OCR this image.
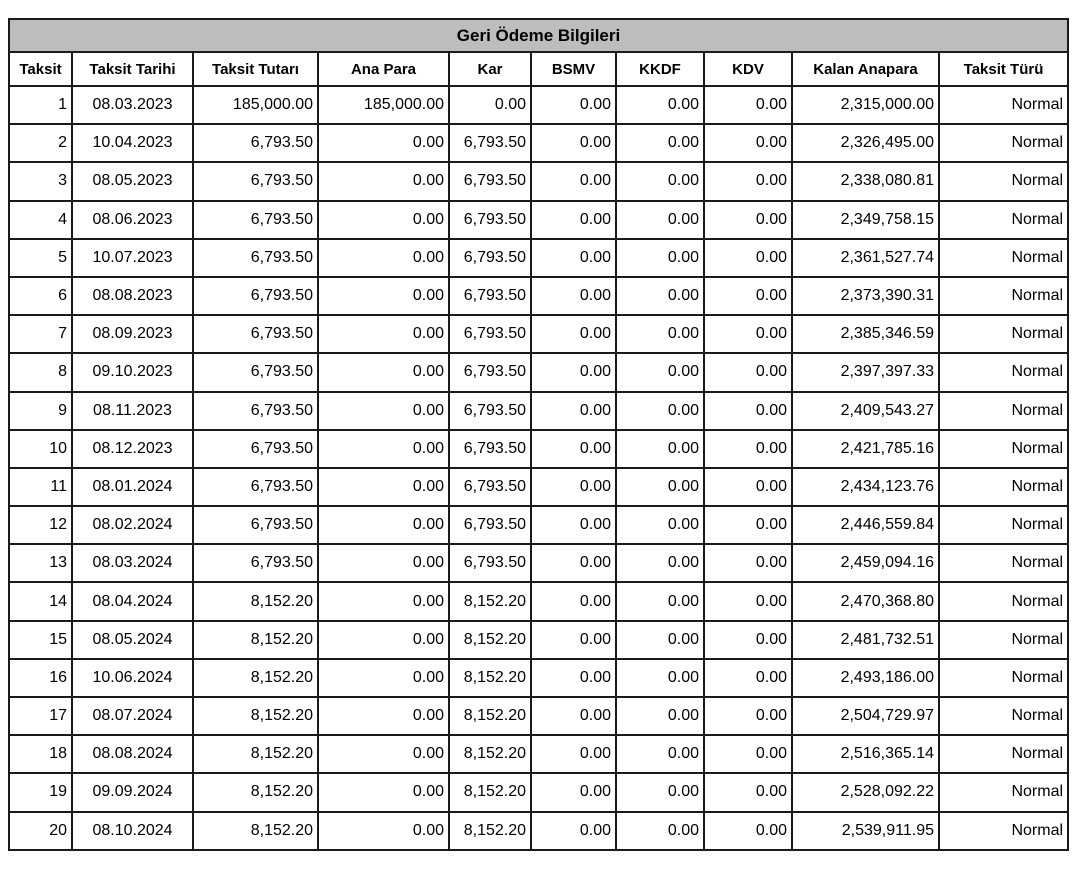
Geri Ödeme Bilgileri									
Taksit	Taksit Tarihi	Taksit Tutarı	Ana Para	Kar	BSMV	KKDF	KDV	Kalan Anapara	Taksit Türü
1	08.03.2023	185,000.00	185,000.00	0.00	0.00	0.00	0.00	2,315,000.00	Normal
2	10.04.2023	6,793.50	0.00	6,793.50	0.00	0.00	0.00	2,326,495.00	Normal
3	08.05.2023	6,793.50	0.00	6,793.50	0.00	0.00	0.00	2,338,080.81	Normal
4	08.06.2023	6,793.50	0.00	6,793.50	0.00	0.00	0.00	2,349,758.15	Normal
5	10.07.2023	6,793.50	0.00	6,793.50	0.00	0.00	0.00	2,361,527.74	Normal
6	08.08.2023	6,793.50	0.00	6,793.50	0.00	0.00	0.00	2,373,390.31	Normal
7	08.09.2023	6,793.50	0.00	6,793.50	0.00	0.00	0.00	2,385,346.59	Normal
8	09.10.2023	6,793.50	0.00	6,793.50	0.00	0.00	0.00	2,397,397.33	Normal
9	08.11.2023	6,793.50	0.00	6,793.50	0.00	0.00	0.00	2,409,543.27	Normal
10	08.12.2023	6,793.50	0.00	6,793.50	0.00	0.00	0.00	2,421,785.16	Normal
11	08.01.2024	6,793.50	0.00	6,793.50	0.00	0.00	0.00	2,434,123.76	Normal
12	08.02.2024	6,793.50	0.00	6,793.50	0.00	0.00	0.00	2,446,559.84	Normal
13	08.03.2024	6,793.50	0.00	6,793.50	0.00	0.00	0.00	2,459,094.16	Normal
14	08.04.2024	8,152.20	0.00	8,152.20	0.00	0.00	0.00	2,470,368.80	Normal
15	08.05.2024	8,152.20	0.00	8,152.20	0.00	0.00	0.00	2,481,732.51	Normal
16	10.06.2024	8,152.20	0.00	8,152.20	0.00	0.00	0.00	2,493,186.00	Normal
17	08.07.2024	8,152.20	0.00	8,152.20	0.00	0.00	0.00	2,504,729.97	Normal
18	08.08.2024	8,152.20	0.00	8,152.20	0.00	0.00	0.00	2,516,365.14	Normal
19	09.09.2024	8,152.20	0.00	8,152.20	0.00	0.00	0.00	2,528,092.22	Normal
20	08.10.2024	8,152.20	0.00	8,152.20	0.00	0.00	0.00	2,539,911.95	Normal
